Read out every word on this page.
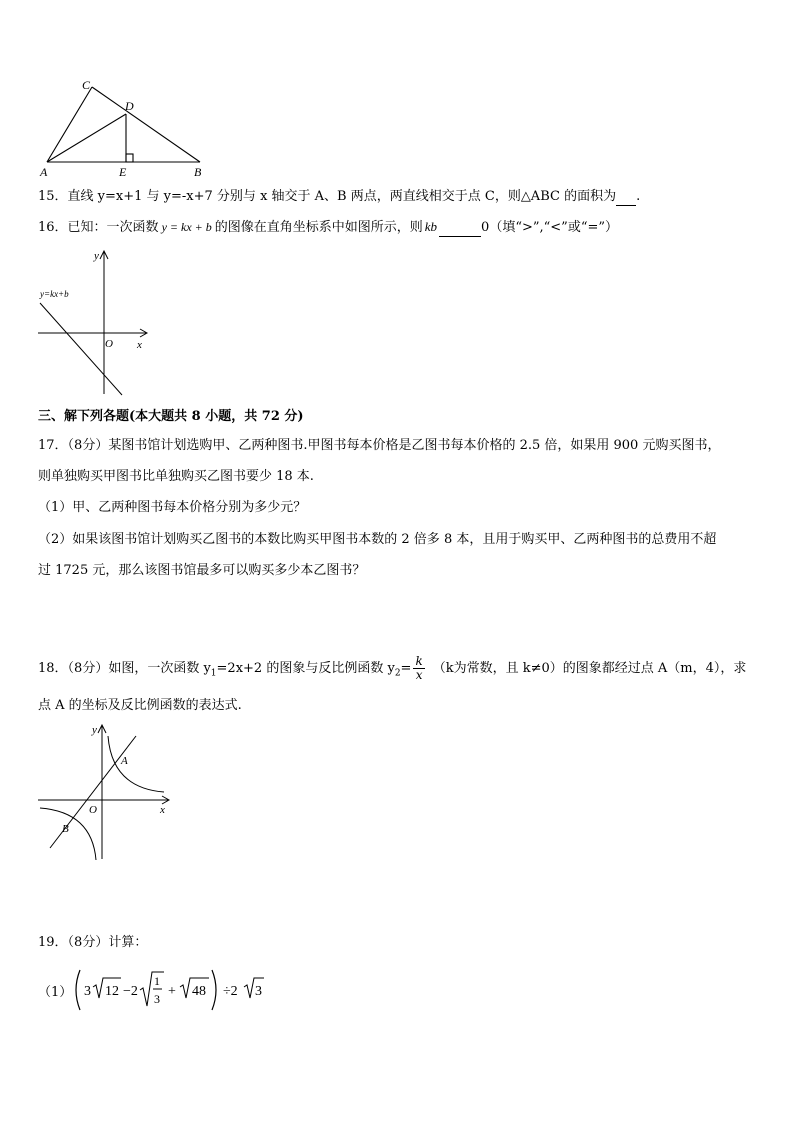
C
D
A	E	B
15．直线 y=x+1 与 y=-x+7 分别与 x 轴交于 A、B 两点，两直线相交于点 C，则△ABC 的面积为 .
16．已知：一次函数 y = kx + b 的图像在直角坐标系中如图所示，则 kb	0（填“>”,“<”或“=”）
y
y=kx+b
O x
三、解下列各题(本大题共 8 小题，共 72 分)
17．（8分）某图书馆计划选购甲、乙两种图书.甲图书每本价格是乙图书每本价格的 2.5 倍，如果用 900 元购买图书，
则单独购买甲图书比单独购买乙图书要少 18 本.
（1）甲、乙两种图书每本价格分别为多少元？
（2）如果该图书馆计划购买乙图书的本数比购买甲图书本数的 2 倍多 8 本，且用于购买甲、乙两种图书的总费用不超
过 1725 元，那么该图书馆最多可以购买多少本乙图书？
18．（8分）如图，一次函数 $y_1=2x+2$ 的图象与反比例函数 $y_2= \frac{k}{x} (k$为常数，且 k≠0）的图象都经过点 A（m，4），求
点 A 的坐标及反比例函数的表达式.
y
A
O	x
B
19．（8分）计算：
（1） 3 12 −2
1
3 + 48 ÷2 3
